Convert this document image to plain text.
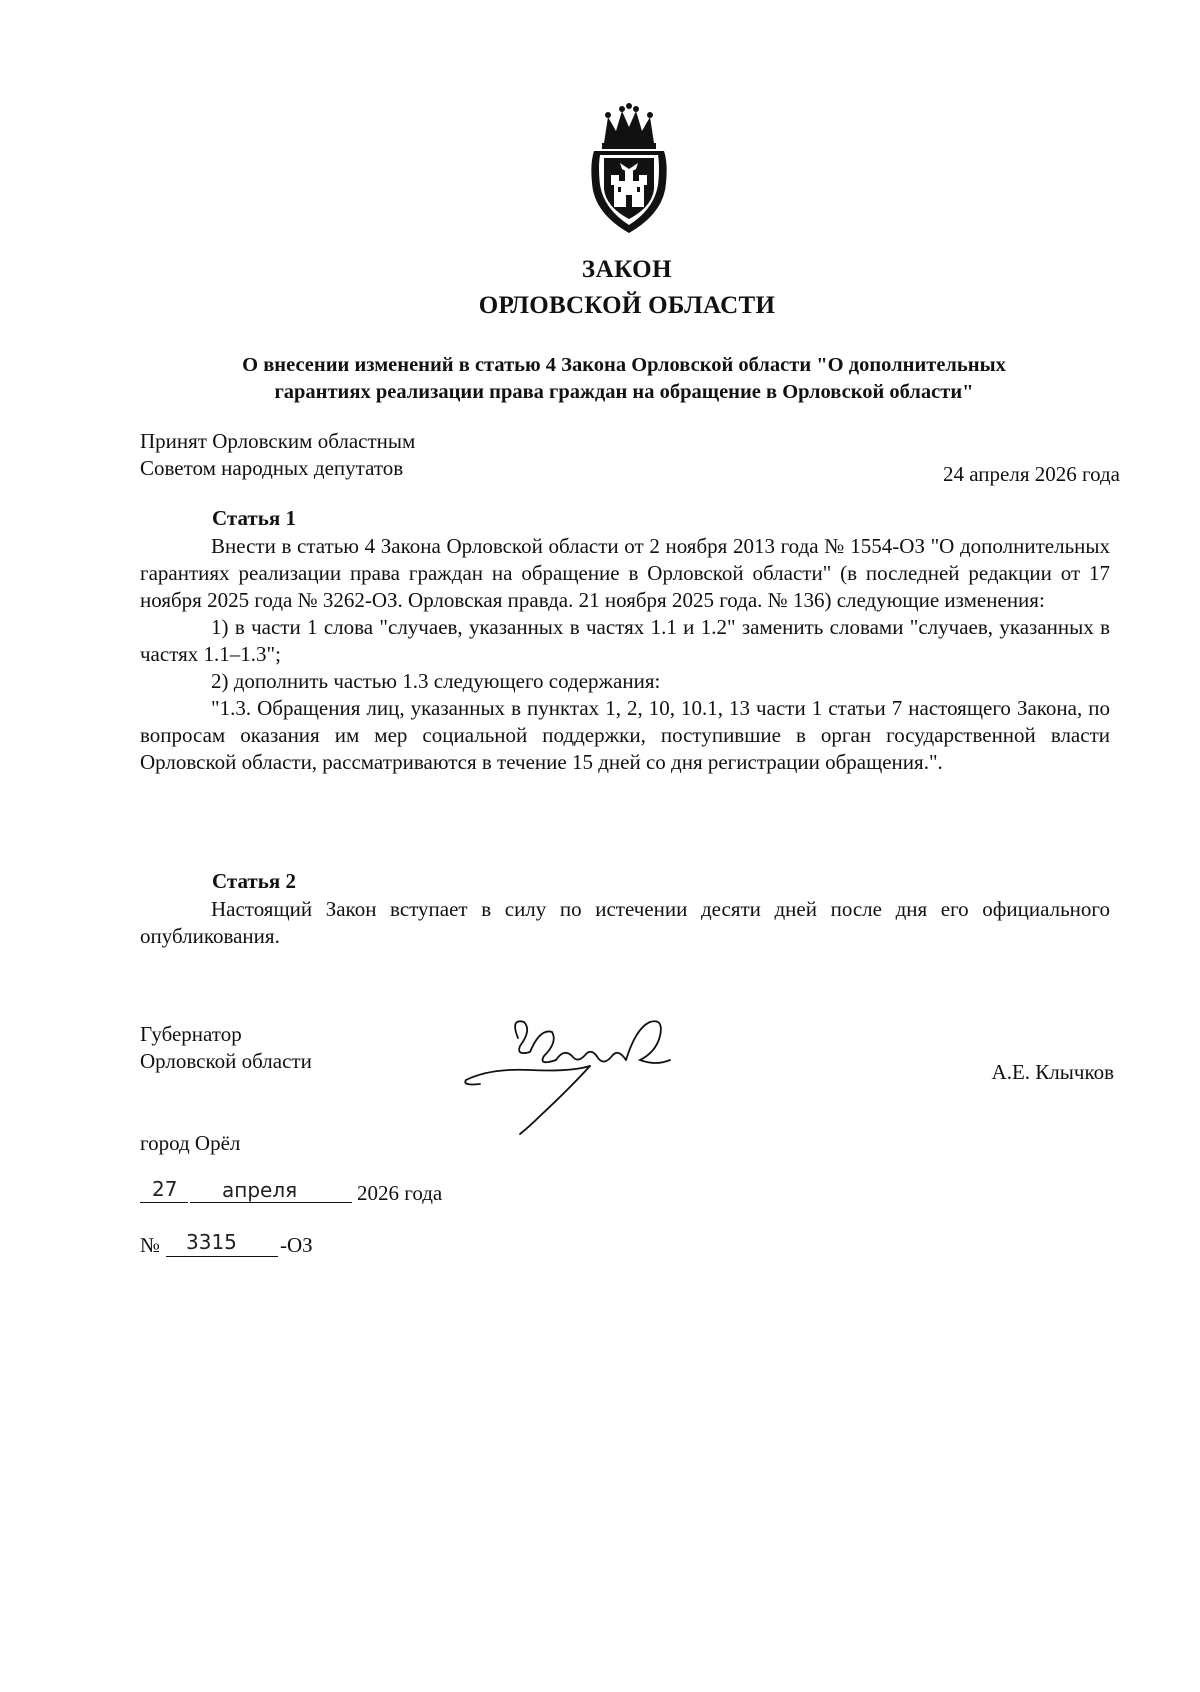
ЗАКОН
ОРЛОВСКОЙ ОБЛАСТИ
О внесении изменений в статью 4 Закона Орловской области "О дополнительных
гарантиях реализации права граждан на обращение в Орловской области"
Принят Орловским областным
Советом народных депутатов	24 апреля 2026 года
Статья 1

Внести в статью 4 Закона Орловской области от 2 ноября 2013 года № 1554-ОЗ "О дополнительных гарантиях реализации права граждан на обращение в Орловской области" (в последней редакции от 17 ноября 2025 года № 3262-ОЗ. Орловская правда. 21 ноября 2025 года. № 136) следующие изменения:

1) в части 1 слова "случаев, указанных в частях 1.1 и 1.2" заменить словами "случаев, указанных в частях 1.1–1.3";

2) дополнить частью 1.3 следующего содержания:

"1.3. Обращения лиц, указанных в пунктах 1, 2, 10, 10.1, 13 части 1 статьи 7 настоящего Закона, по вопросам оказания им мер социальной поддержки, поступившие в орган государственной власти Орловской области, рассматриваются в течение 15 дней со дня регистрации обращения.".

Статья 2

Настоящий Закон вступает в силу по истечении десяти дней после дня его официального опубликования.

Губернатор
Орловской области	А.Е. Клычков
город Орёл
27 апреля	2026 года
№ 3315 -ОЗ
